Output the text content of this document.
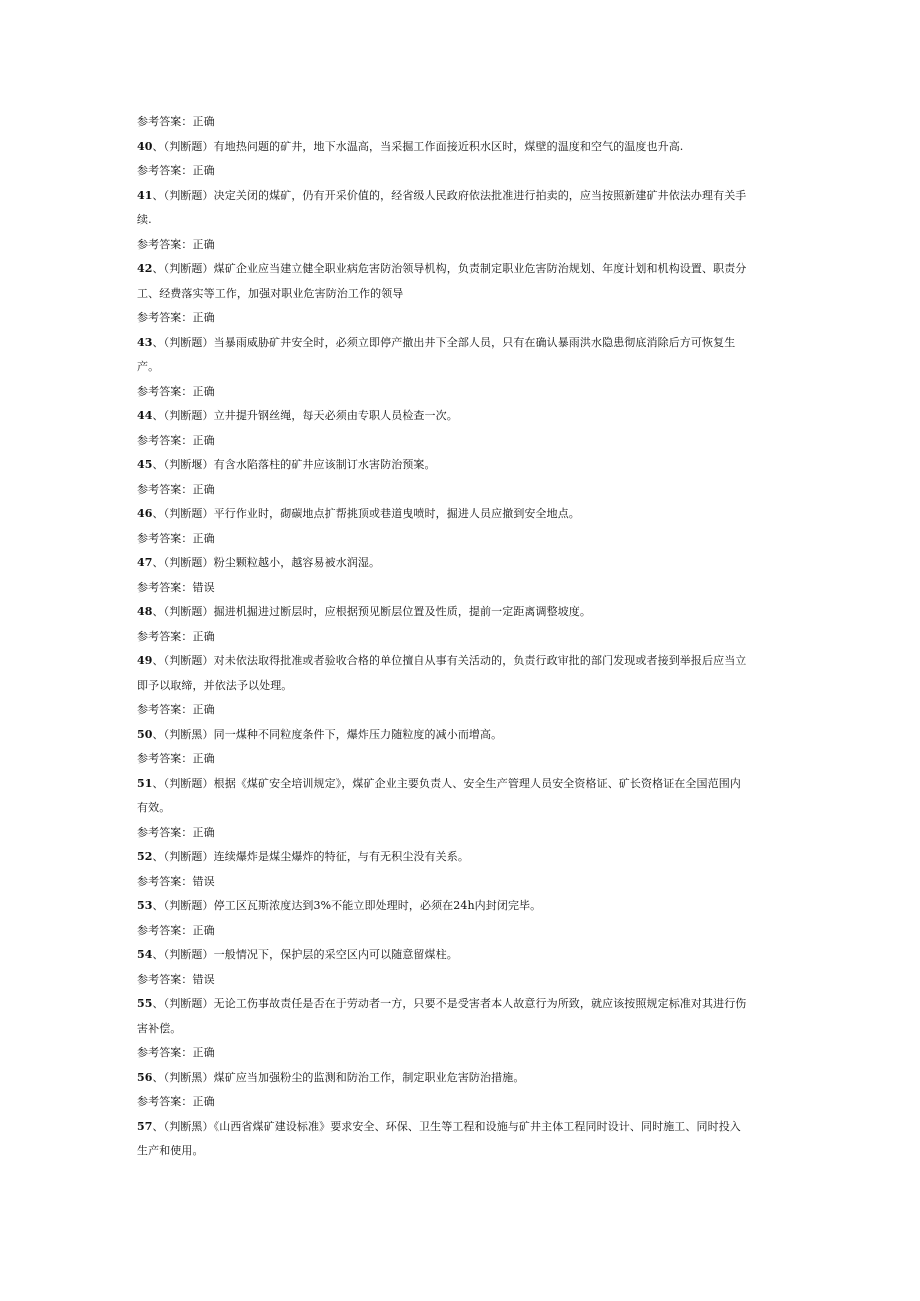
参考答案：正确
40、（判断题）有地热问题的矿井，地下水温高，当采掘工作面接近积水区时，煤壁的温度和空气的温度也升高.
参考答案：正确
41、（判断题）决定关闭的煤矿，仍有开采价值的，经省级人民政府依法批准进行拍卖的，应当按照新建矿井依法办理有关手
续.
参考答案：正确
42、（判断题）煤矿企业应当建立健全职业病危害防治领导机构，负责制定职业危害防治规划、年度计划和机构设置、职责分
工、经费落实等工作，加强对职业危害防治工作的领导
参考答案：正确
43、（判断题）当暴雨威胁矿井安全时，必须立即停产撤出井下全部人员，只有在确认暴雨洪水隐患彻底消除后方可恢复生
产。
参考答案：正确
44、（判断题）立井提升钢丝绳，每天必须由专职人员检查一次。
参考答案：正确
45、（判断堰）有含水陷落柱的矿井应该制订水害防治预案。
参考答案：正确
46、（判断题）平行作业时，砌碳地点扩帮挑顶或巷道曳喷时，掘进人员应撤到安全地点。
参考答案：正确
47、（判断题）粉尘颗粒越小，越容易被水润湿。
参考答案：错误
48、（判断题）掘进机掘进过断层时，应根据预见断层位置及性质，提前一定距离调整坡度。
参考答案：正确
49、（判断题）对未依法取得批准或者验收合格的单位擅自从事有关活动的，负责行政审批的部门发现或者接到举报后应当立
即予以取缔，并依法予以处理。
参考答案：正确
50、（判断黑）同一煤种不同粒度条件下，爆炸压力随粒度的减小而增高。
参考答案：正确
51、（判断题）根据《煤矿安全培训规定》，煤矿企业主要负责人、安全生产管理人员安全资格证、矿长资格证在全国范围内
有效。
参考答案：正确
52、（判断题）连续爆炸是煤尘爆炸的特征，与有无积尘没有关系。
参考答案：错误
53、（判断题）停工区瓦斯浓度达到3%不能立即处理时，必须在24h内封闭完毕。
参考答案：正确
54、（判断题）一般情况下，保护层的采空区内可以随意留煤柱。
参考答案：错误
55、（判断题）无论工伤事故责任是否在于劳动者一方，只要不是受害者本人故意行为所致，就应该按照规定标准对其进行伤
害补偿。
参考答案：正确
56、（判断黑）煤矿应当加强粉尘的监测和防治工作，制定职业危害防治措施。
参考答案：正确
57、（判断黑）《山西省煤矿建设标准》要求安全、环保、卫生等工程和设施与矿井主体工程同时设计、同时施工、同时投入
生产和使用。
